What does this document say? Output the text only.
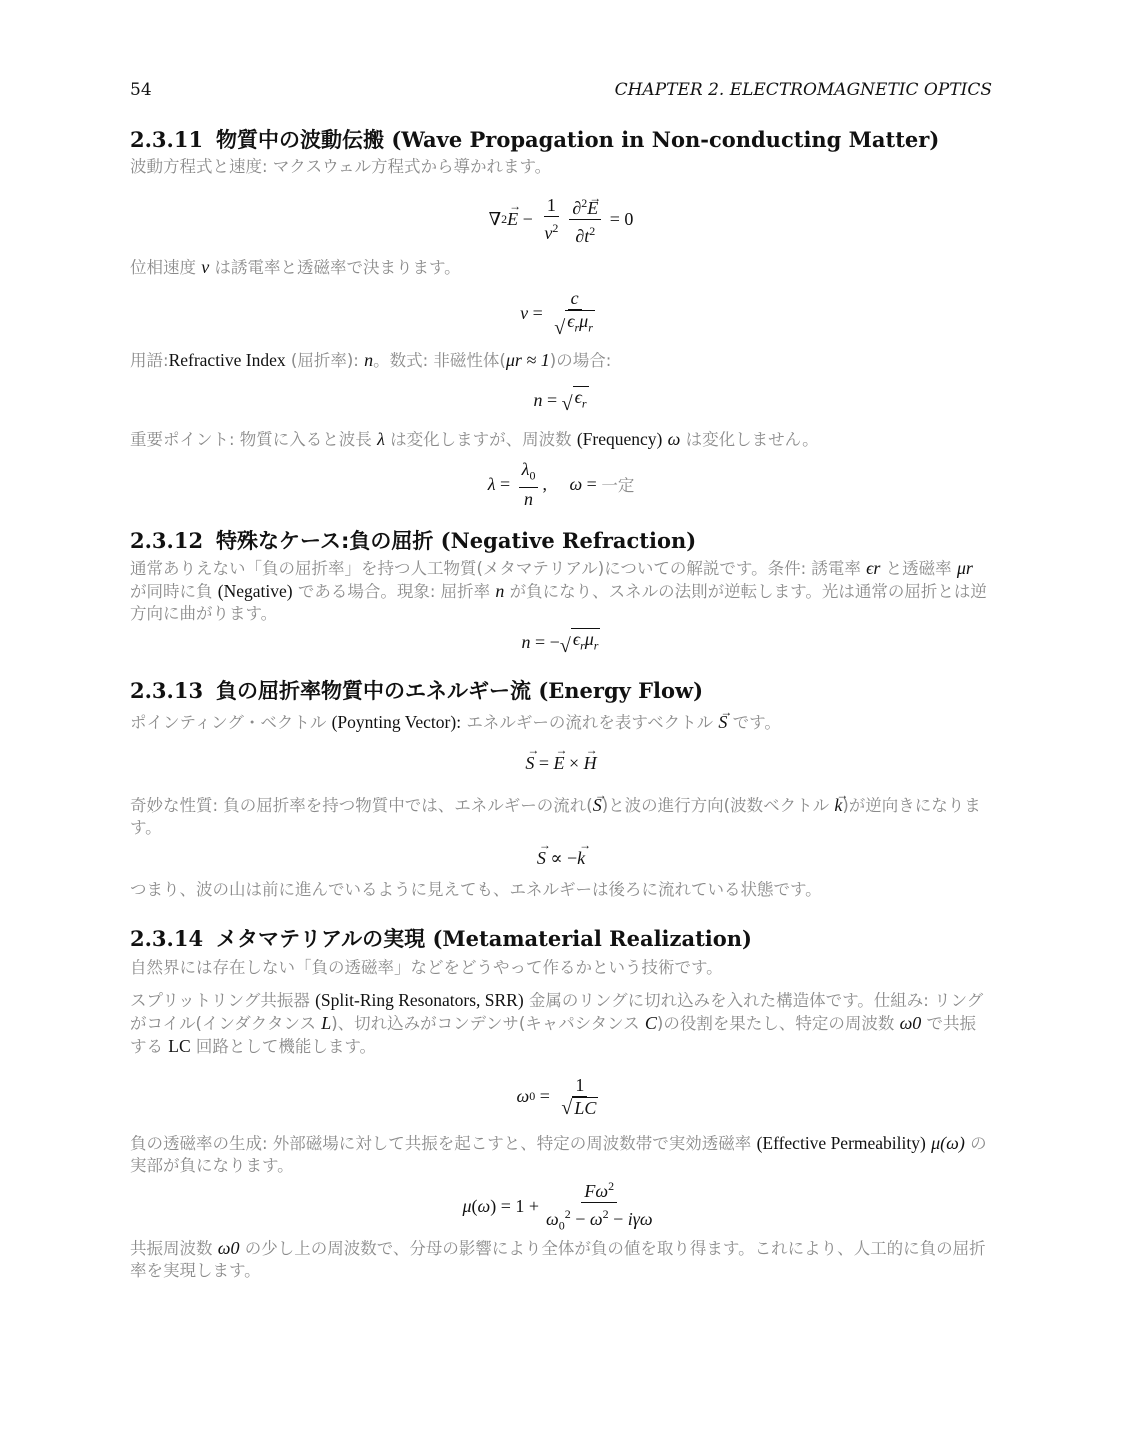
54	CHAPTER 2. ELECTROMAGNETIC OPTICS
2.3.11 物質中の波動伝搬 (Wave Propagation in Non-conducting Matter)

波動方程式と速度: マクスウェル方程式から導かれます。

∇ 2
→ $E - \frac{1}{v^2} \frac{\partial^2\to E}{\partial t^2} = 0$

位相速度 v は誘電率と透磁率で決まります。

$v = \frac{c}{√ \epsilon_r\mu_r}$

用語:Refractive Index (屈折率): n。数式: 非磁性体(μr ≈ 1)の場合:

n = √ $\epsilon_r$

重要ポイント: 物質に入ると波長 λ は変化しますが、周波数 (Frequency) ω は変化しません。

$\lambda = \frac{\lambda_0}{n}$ , ω = 一定
2.3.12 特殊なケース:負の屈折 (Negative Refraction)

通常ありえない「負の屈折率」を持つ人工物質(メタマテリアル)についての解説です。条件: 誘電率 ϵr と透磁率 μr が同時に負 (Negative) である場合。現象: 屈折率 n が負になり、スネルの法則が逆転します。光は通常の屈折とは逆方向に曲がります。

n = − √ $\epsilon_r\mu_r$
2.3.13 負の屈折率物質中のエネルギー流 (Energy Flow)

ポインティング・ベクトル (Poynting Vector): エネルギーの流れを表すベクトル → S です。

→ S =
→ E ×
→ H

奇妙な性質: 負の屈折率を持つ物質中では、エネルギーの流れ(→ S)と波の進行方向(波数ベクトル → k)が逆向きになります。

→ S ∝ −
→ k

つまり、波の山は前に進んでいるように見えても、エネルギーは後ろに流れている状態です。

2.3.14 メタマテリアルの実現 (Metamaterial Realization)

自然界には存在しない「負の透磁率」などをどうやって作るかという技術です。

スプリットリング共振器 (Split-Ring Resonators, SRR) 金属のリングに切れ込みを入れた構造体です。仕組み: リングがコイル(インダクタンス L)、切れ込みがコンデンサ(キャパシタンス C)の役割を果たし、特定の周波数 ω0 で共振する LC 回路として機能します。

ω $0 = \frac{1}{√ LC}$

負の透磁率の生成: 外部磁場に対して共振を起こすと、特定の周波数帯で実効透磁率 (Effective Permeability) μ(ω) の実部が負になります。

μ ( ω ) = $1 + \frac{F\omega^2}{\omega_0^2 - \omega^2 - i\gamma\omega}$

共振周波数 ω0 の少し上の周波数で、分母の影響により全体が負の値を取り得ます。これにより、人工的に負の屈折率を実現します。
